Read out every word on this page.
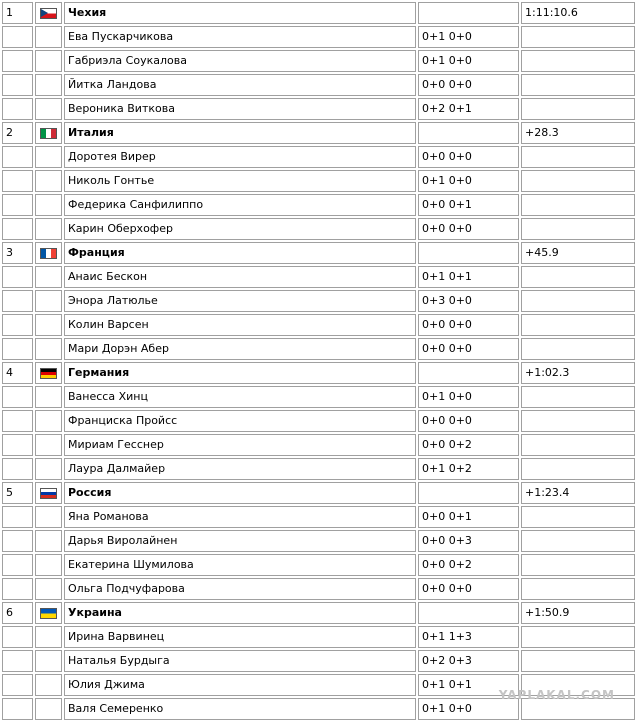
1		Чехия		1:11:10.6
		Ева Пускарчикова	0+1 0+0	
		Габриэла Соукалова	0+1 0+0	
		Йитка Ландова	0+0 0+0	
		Вероника Виткова	0+2 0+1	
2		Италия		+28.3
		Доротея Вирер	0+0 0+0	
		Николь Гонтье	0+1 0+0	
		Федерика Санфилиппо	0+0 0+1	
		Карин Оберхофер	0+0 0+0	
3		Франция		+45.9
		Анаис Бескон	0+1 0+1	
		Энора Латюлье	0+3 0+0	
		Колин Варсен	0+0 0+0	
		Мари Дорэн Абер	0+0 0+0	
4		Германия		+1:02.3
		Ванесса Хинц	0+1 0+0	
		Франциска Пройсс	0+0 0+0	
		Мириам Гесснер	0+0 0+2	
		Лаура Далмайер	0+1 0+2	
5		Россия		+1:23.4
		Яна Романова	0+0 0+1	
		Дарья Виролайнен	0+0 0+3	
		Екатерина Шумилова	0+0 0+2	
		Ольга Подчуфарова	0+0 0+0	
6		Украина		+1:50.9
		Ирина Варвинец	0+1 1+3	
		Наталья Бурдыга	0+2 0+3	
		Юлия Джима	0+1 0+1	
		Валя Семеренко	0+1 0+0	
YAPLAKAL.COM
